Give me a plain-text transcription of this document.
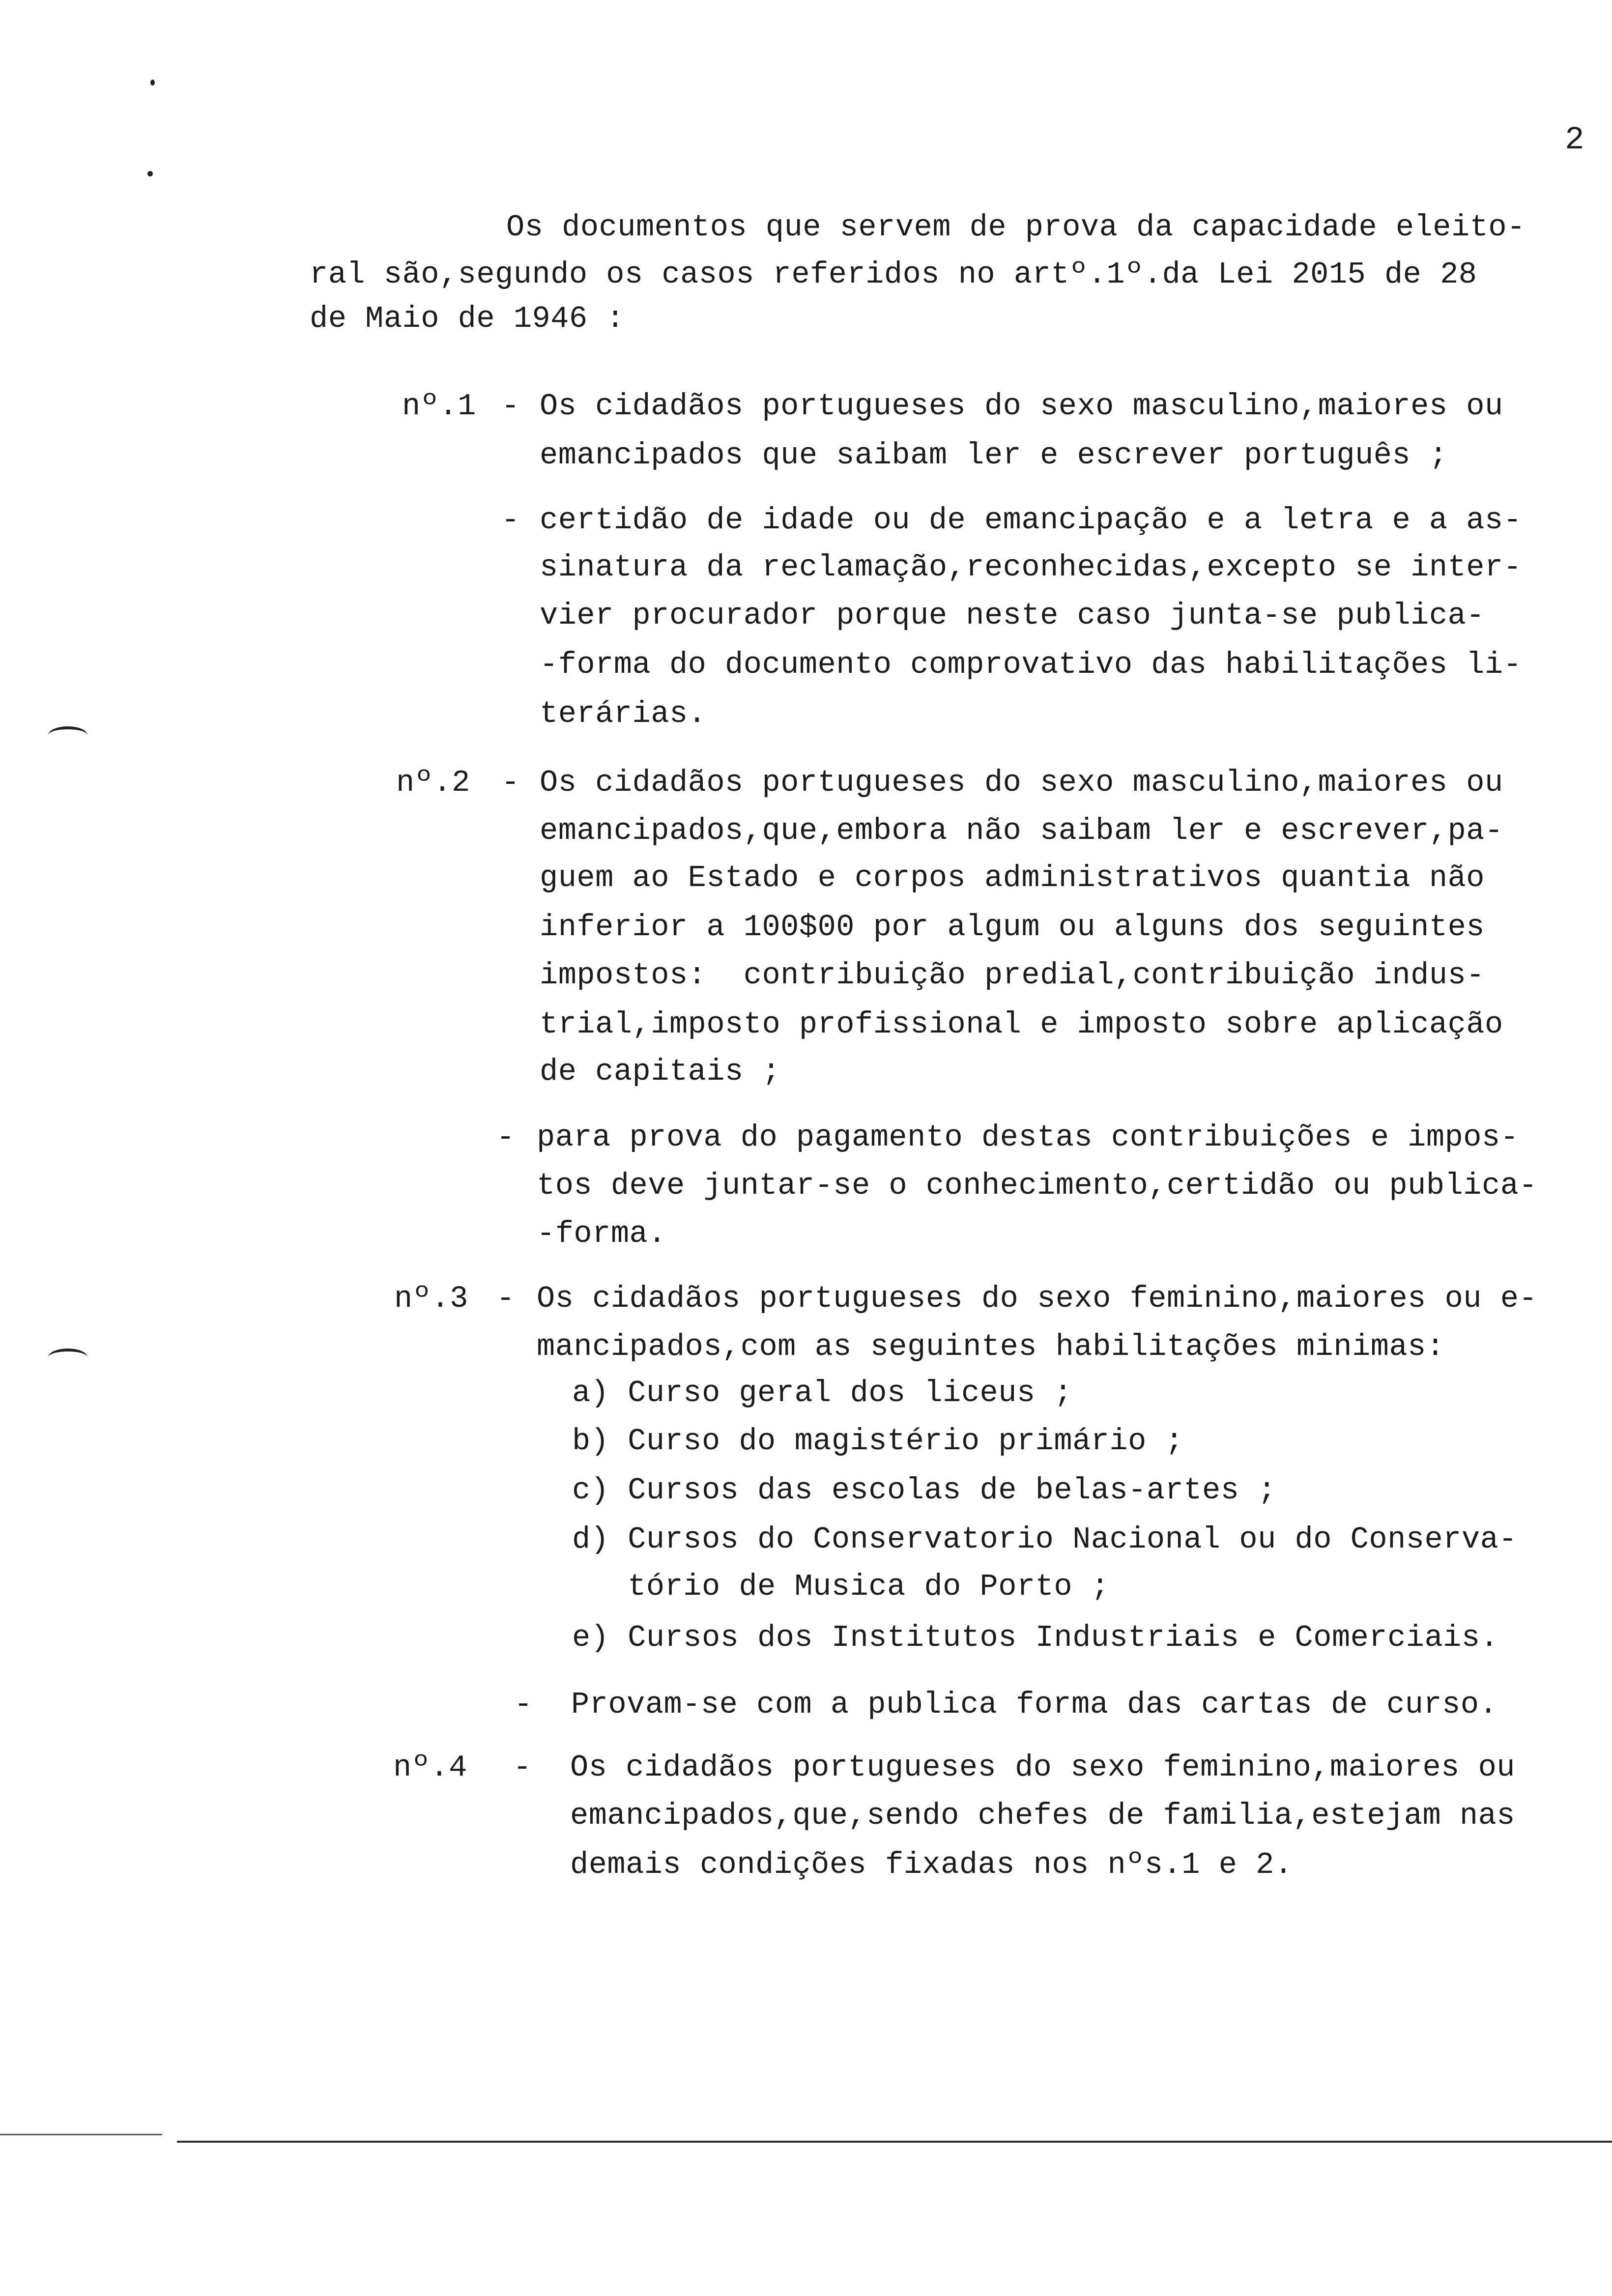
2
Os documentos que servem de prova da capacidade eleito-
ral são,segundo os casos referidos no artº.1º.da Lei 2015 de 28
de Maio de 1946 :
nº.1 - Os cidadãos portugueses do sexo masculino,maiores ou
emancipados que saibam ler e escrever português ;
- certidão de idade ou de emancipação e a letra e a as-
sinatura da reclamação,reconhecidas,excepto se inter-
vier procurador porque neste caso junta-se publica-
-forma do documento comprovativo das habilitações li-
terárias.
nº.2 - Os cidadãos portugueses do sexo masculino,maiores ou
emancipados,que,embora não saibam ler e escrever,pa-
guem ao Estado e corpos administrativos quantia não
inferior a 100$00 por algum ou alguns dos seguintes
impostos:  contribuição predial,contribuição indus-
trial,imposto profissional e imposto sobre aplicação
de capitais ;
- para prova do pagamento destas contribuições e impos-
tos deve juntar-se o conhecimento,certidão ou publica-
-forma.
nº.3 - Os cidadãos portugueses do sexo feminino,maiores ou e-
mancipados,com as seguintes habilitações minimas:
a) Curso geral dos liceus ;
b) Curso do magistério primário ;
c) Cursos das escolas de belas-artes ;
d) Cursos do Conservatorio Nacional ou do Conserva-
tório de Musica do Porto ;
e) Cursos dos Institutos Industriais e Comerciais.
- Provam-se com a publica forma das cartas de curso.
nº.4 - Os cidadãos portugueses do sexo feminino,maiores ou
emancipados,que,sendo chefes de familia,estejam nas
demais condições fixadas nos nºs.1 e 2.
